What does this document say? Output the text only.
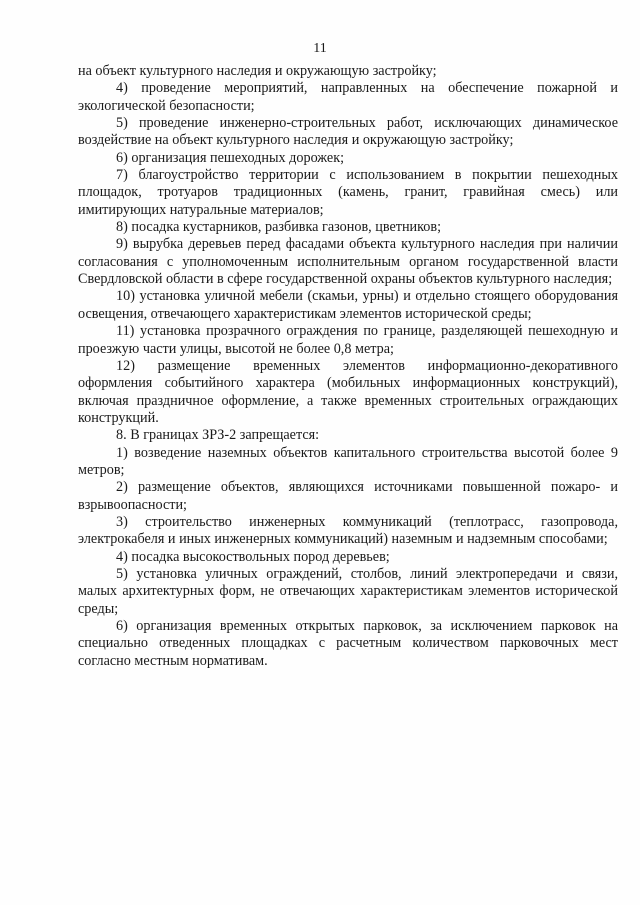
11

на объект культурного наследия и окружающую застройку;

4) проведение мероприятий, направленных на обеспечение пожарной и экологической безопасности;

5) проведение инженерно-строительных работ, исключающих динамическое воздействие на объект культурного наследия и окружающую застройку;

6) организация пешеходных дорожек;

7) благоустройство территории с использованием в покрытии пешеходных площадок, тротуаров традиционных (камень, гранит, гравийная смесь) или имитирующих натуральные материалов;

8) посадка кустарников, разбивка газонов, цветников;

9) вырубка деревьев перед фасадами объекта культурного наследия при наличии согласования с уполномоченным исполнительным органом государственной власти Свердловской области в сфере государственной охраны объектов культурного наследия;

10) установка уличной мебели (скамьи, урны) и отдельно стоящего оборудования освещения, отвечающего характеристикам элементов исторической среды;

11) установка прозрачного ограждения по границе, разделяющей пешеходную и проезжую части улицы, высотой не более 0,8 метра;

12) размещение временных элементов информационно-декоративного оформления событийного характера (мобильных информационных конструкций), включая праздничное оформление, а также временных строительных ограждающих конструкций.

8. В границах ЗРЗ-2 запрещается:

1) возведение наземных объектов капитального строительства высотой более 9 метров;

2) размещение объектов, являющихся источниками повышенной пожаро- и взрывоопасности;

3) строительство инженерных коммуникаций (теплотрасс, газопровода, электрокабеля и иных инженерных коммуникаций) наземным и надземным способами;

4) посадка высокоствольных пород деревьев;

5) установка уличных ограждений, столбов, линий электропередачи и связи, малых архитектурных форм, не отвечающих характеристикам элементов исторической среды;

6) организация временных открытых парковок, за исключением парковок на специально отведенных площадках с расчетным количеством парковочных мест согласно местным нормативам.
